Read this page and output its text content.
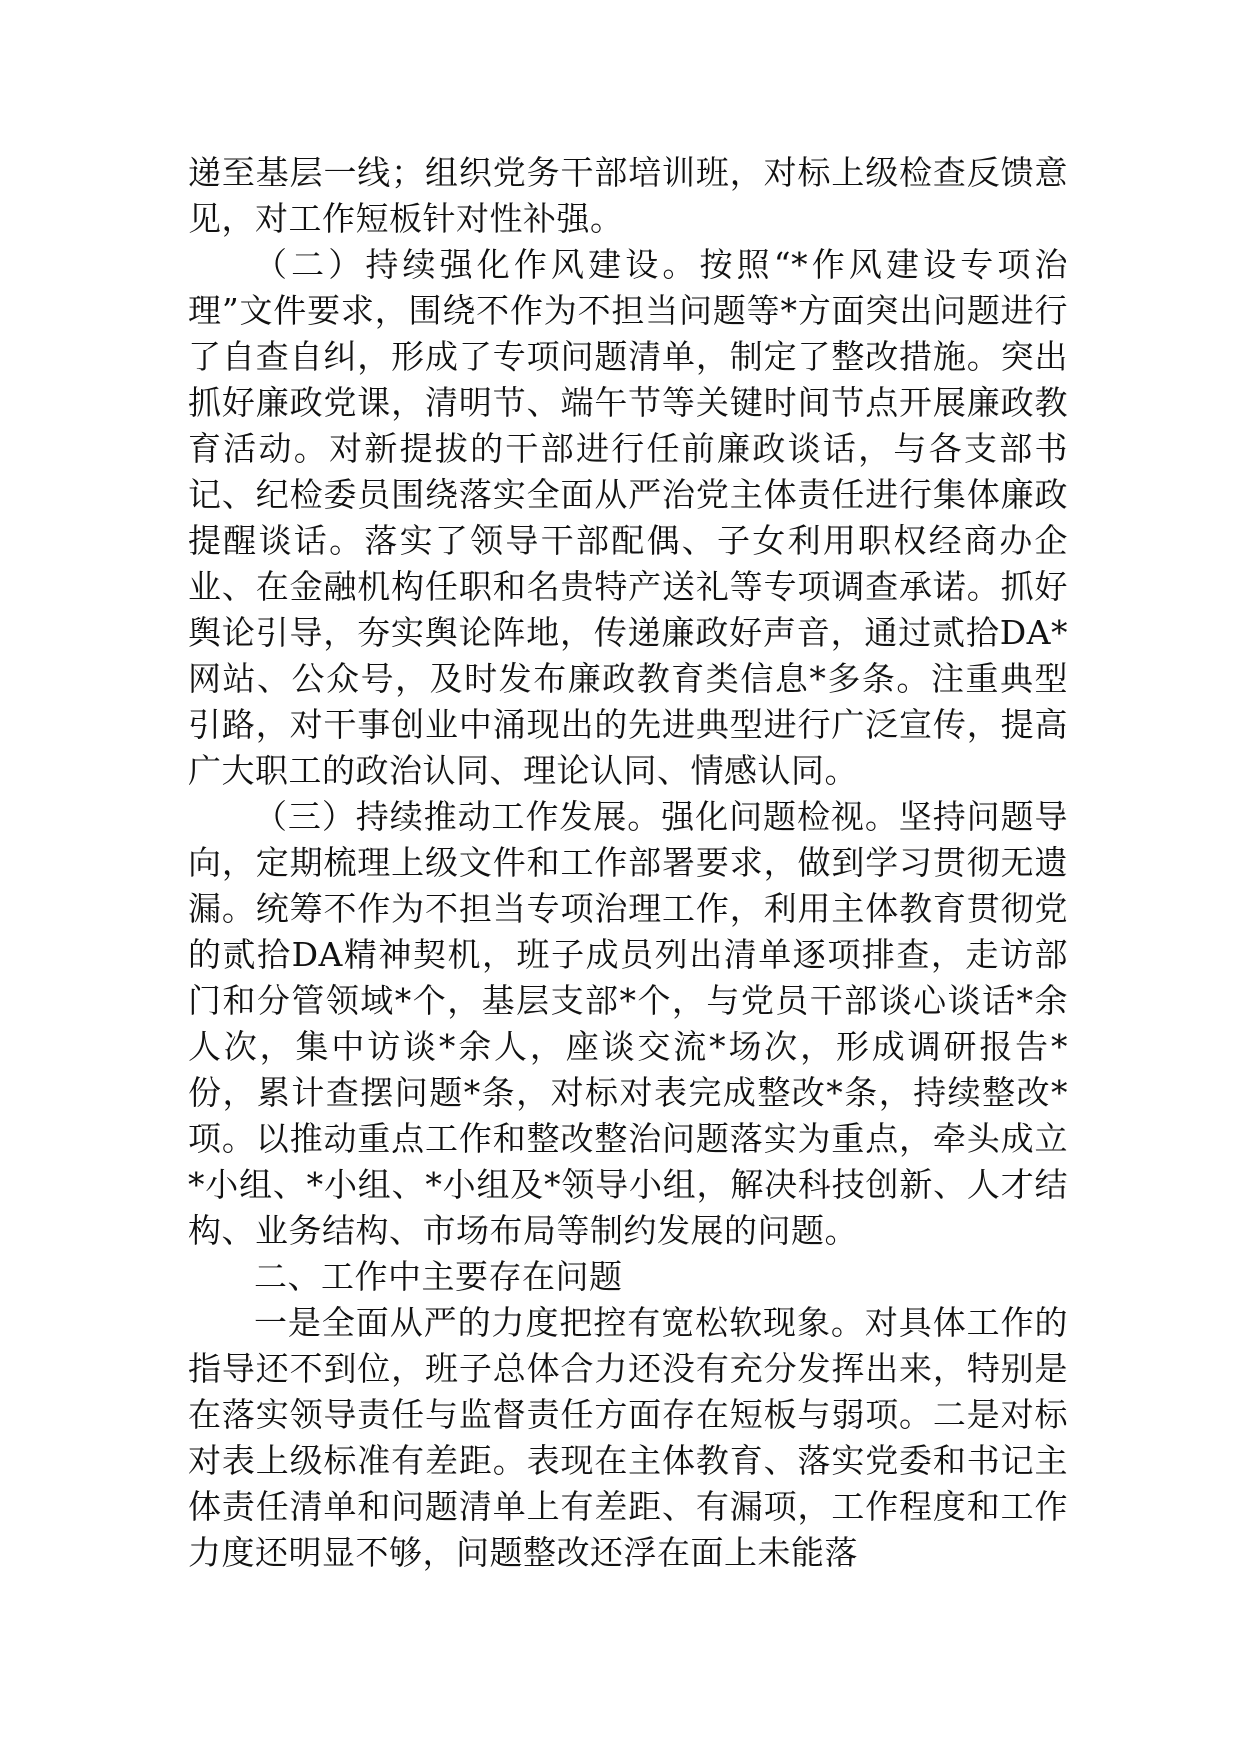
递至基层一线；组织党务干部培训班，对标上级检查反馈意见，对工作短板针对性补强。

（二）持续强化作风建设。按照“*作风建设专项治理”文件要求，围绕不作为不担当问题等*方面突出问题进行了自查自纠，形成了专项问题清单，制定了整改措施。突出抓好廉政党课，清明节、端午节等关键时间节点开展廉政教育活动。对新提拔的干部进行任前廉政谈话，与各支部书记、纪检委员围绕落实全面从严治党主体责任进行集体廉政提醒谈话。落实了领导干部配偶、子女利用职权经商办企业、在金融机构任职和名贵特产送礼等专项调查承诺。抓好舆论引导，夯实舆论阵地，传递廉政好声音，通过贰拾DA*网站、公众号，及时发布廉政教育类信息*多条。注重典型引路，对干事创业中涌现出的先进典型进行广泛宣传，提高广大职工的政治认同、理论认同、情感认同。

（三）持续推动工作发展。强化问题检视。坚持问题导向，定期梳理上级文件和工作部署要求，做到学习贯彻无遗漏。统筹不作为不担当专项治理工作，利用主体教育贯彻党的贰拾DA精神契机，班子成员列出清单逐项排查，走访部门和分管领域*个，基层支部*个，与党员干部谈心谈话*余人次，集中访谈*余人，座谈交流*场次，形成调研报告*份，累计查摆问题*条，对标对表完成整改*条，持续整改*项。以推动重点工作和整改整治问题落实为重点，牵头成立*小组、*小组、*小组及*领导小组，解决科技创新、人才结构、业务结构、市场布局等制约发展的问题。

二、工作中主要存在问题

一是全面从严的力度把控有宽松软现象。对具体工作的指导还不到位，班子总体合力还没有充分发挥出来，特别是在落实领导责任与监督责任方面存在短板与弱项。二是对标对表上级标准有差距。表现在主体教育、落实党委和书记主体责任清单和问题清单上有差距、有漏项，工作程度和工作力度还明显不够，问题整改还浮在面上未能落
